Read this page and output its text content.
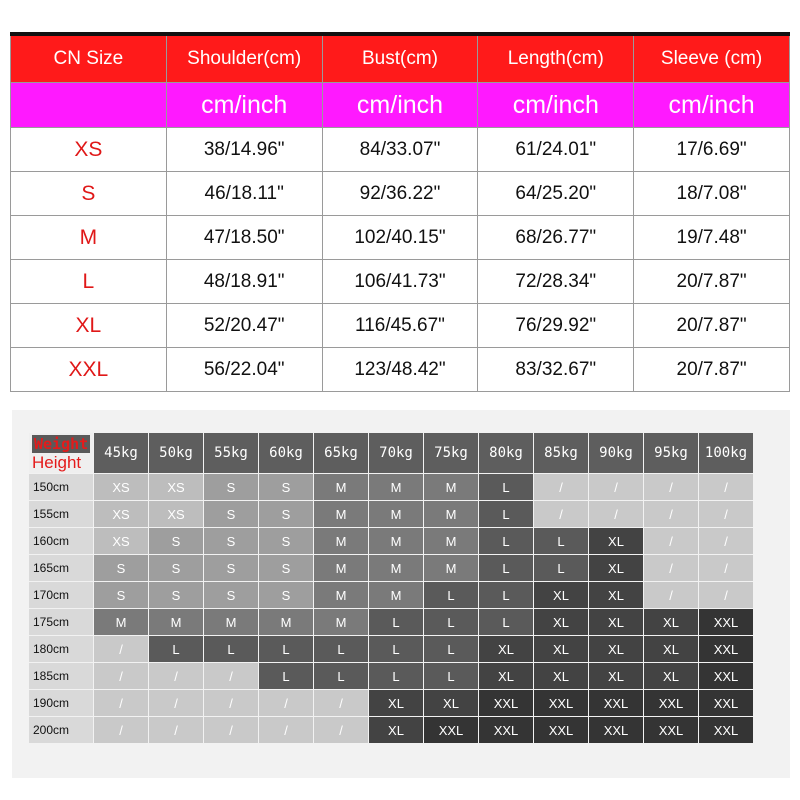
CN Size	Shoulder(cm)	Bust(cm)	Length(cm)	Sleeve (cm)
	cm/inch	cm/inch	cm/inch	cm/inch
XS	38/14.96"	84/33.07"	61/24.01"	17/6.69"
S	46/18.11"	92/36.22"	64/25.20"	18/7.08"
M	47/18.50"	102/40.15"	68/26.77"	19/7.48"
L	48/18.91"	106/41.73"	72/28.34"	20/7.87"
XL	52/20.47"	116/45.67"	76/29.92"	20/7.87"
XXL	56/22.04"	123/48.42"	83/32.67"	20/7.87"
Weight
Height	45kg	50kg	55kg	60kg	65kg	70kg	75kg	80kg	85kg	90kg	95kg	100kg
150cm	XS	XS	S	S	M	M	M	L	/	/	/	/
155cm	XS	XS	S	S	M	M	M	L	/	/	/	/
160cm	XS	S	S	S	M	M	M	L	L	XL	/	/
165cm	S	S	S	S	M	M	M	L	L	XL	/	/
170cm	S	S	S	S	M	M	L	L	XL	XL	/	/
175cm	M	M	M	M	M	L	L	L	XL	XL	XL	XXL
180cm	/	L	L	L	L	L	L	XL	XL	XL	XL	XXL
185cm	/	/	/	L	L	L	L	XL	XL	XL	XL	XXL
190cm	/	/	/	/	/	XL	XL	XXL	XXL	XXL	XXL	XXL
200cm	/	/	/	/	/	XL	XXL	XXL	XXL	XXL	XXL	XXL
